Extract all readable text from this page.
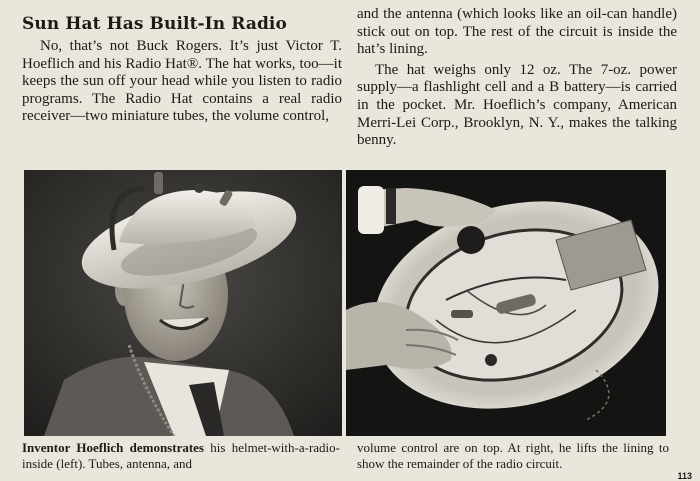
Sun Hat Has Built-In Radio

No, that’s not Buck Rogers. It’s just Victor T. Hoeflich and his Radio Hat®. The hat works, too—it keeps the sun off your head while you listen to radio programs. The Radio Hat contains a real radio receiver—two miniature tubes, the volume control,

and the antenna (which looks like an oil-can handle) stick out on top. The rest of the circuit is inside the hat’s lining.

The hat weighs only 12 oz. The 7-oz. power supply—a flashlight cell and a B battery—is carried in the pocket. Mr. Hoeflich’s company, American Merri-Lei Corp., Brooklyn, N. Y., makes the talking benny.

Inventor Hoeflich demonstrates his helmet-with-a-radio-inside (left). Tubes, antenna, and
volume control are on top. At right, he lifts the lining to show the remainder of the radio circuit.
113
